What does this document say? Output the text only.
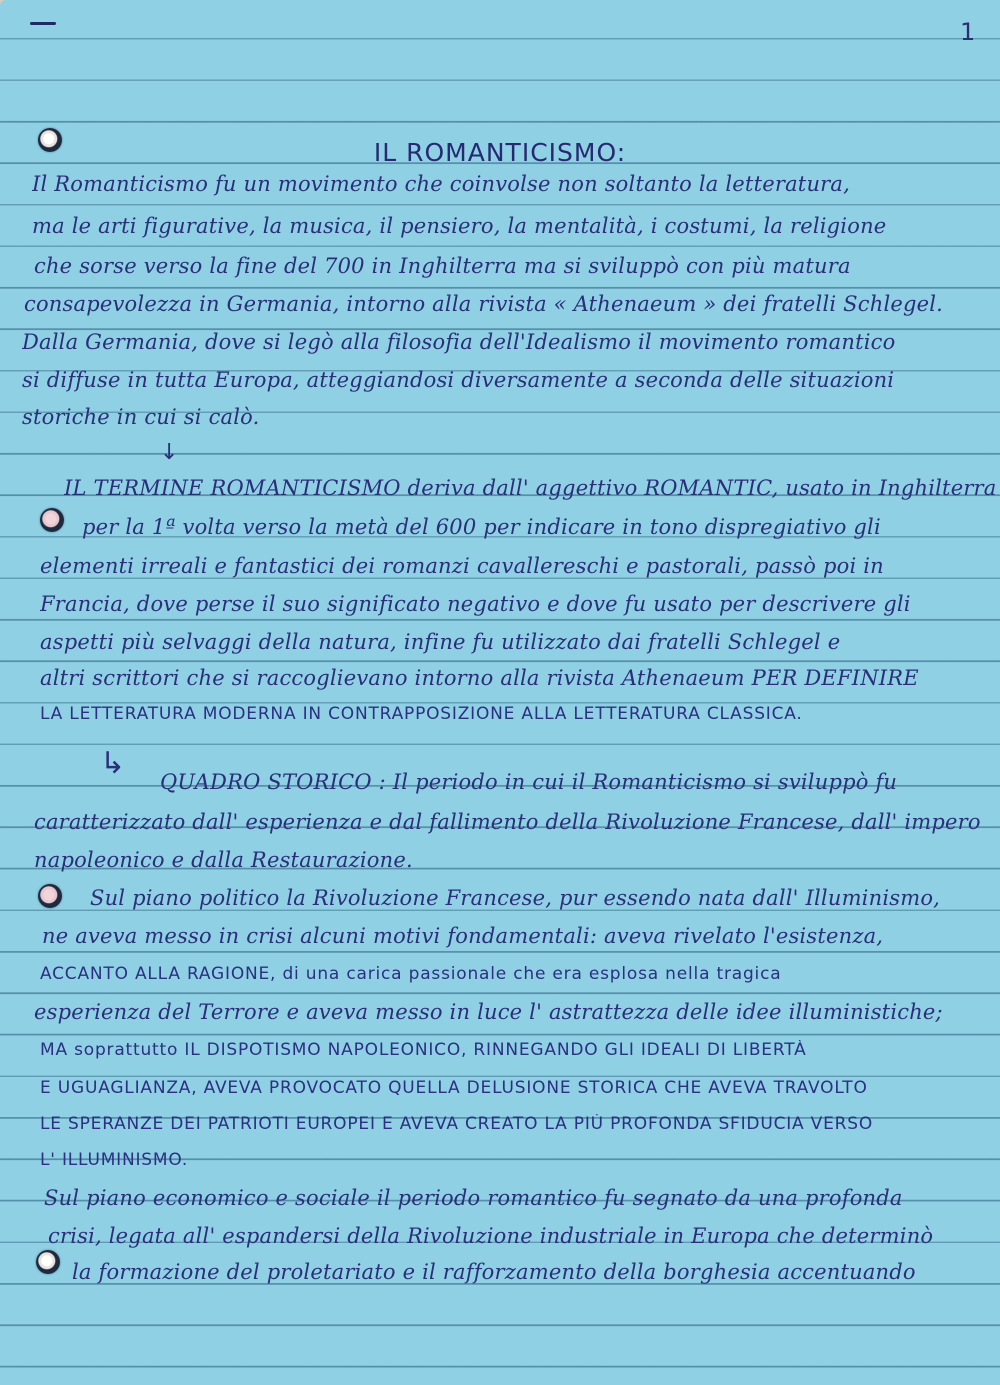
1
IL ROMANTICISMO:
Il Romanticismo fu un movimento che coinvolse non soltanto la letteratura,
ma le arti figurative, la musica, il pensiero, la mentalità, i costumi, la religione
che sorse verso la fine del 700 in Inghilterra ma si sviluppò con più matura
consapevolezza in Germania, intorno alla rivista « Athenaeum » dei fratelli Schlegel.
Dalla Germania, dove si legò alla filosofia dell'Idealismo il movimento romantico
si diffuse in tutta Europa, atteggiandosi diversamente a seconda delle situazioni
storiche in cui si calò.
↓
IL TERMINE ROMANTICISMO deriva dall' aggettivo ROMANTIC, usato in Inghilterra
per la 1ª volta verso la metà del 600 per indicare in tono dispregiativo gli
elementi irreali e fantastici dei romanzi cavallereschi e pastorali, passò poi in
Francia, dove perse il suo significato negativo e dove fu usato per descrivere gli
aspetti più selvaggi della natura, infine fu utilizzato dai fratelli Schlegel e
altri scrittori che si raccoglievano intorno alla rivista Athenaeum PER DEFINIRE
LA LETTERATURA MODERNA IN CONTRAPPOSIZIONE ALLA LETTERATURA CLASSICA.
↳
QUADRO STORICO : Il periodo in cui il Romanticismo si sviluppò fu
caratterizzato dall' esperienza e dal fallimento della Rivoluzione Francese, dall' impero
napoleonico e dalla Restaurazione.
Sul piano politico la Rivoluzione Francese, pur essendo nata dall' Illuminismo,
ne aveva messo in crisi alcuni motivi fondamentali: aveva rivelato l'esistenza,
ACCANTO ALLA RAGIONE, di una carica passionale che era esplosa nella tragica
esperienza del Terrore e aveva messo in luce l' astrattezza delle idee illuministiche;
MA soprattutto IL DISPOTISMO NAPOLEONICO, RINNEGANDO GLI IDEALI DI LIBERTÀ
E UGUAGLIANZA, AVEVA PROVOCATO QUELLA DELUSIONE STORICA CHE AVEVA TRAVOLTO
LE SPERANZE DEI PATRIOTI EUROPEI E AVEVA CREATO LA PIÙ PROFONDA SFIDUCIA VERSO
L' ILLUMINISMO.
Sul piano economico e sociale il periodo romantico fu segnato da una profonda
crisi, legata all' espandersi della Rivoluzione industriale in Europa che determinò
la formazione del proletariato e il rafforzamento della borghesia accentuando
